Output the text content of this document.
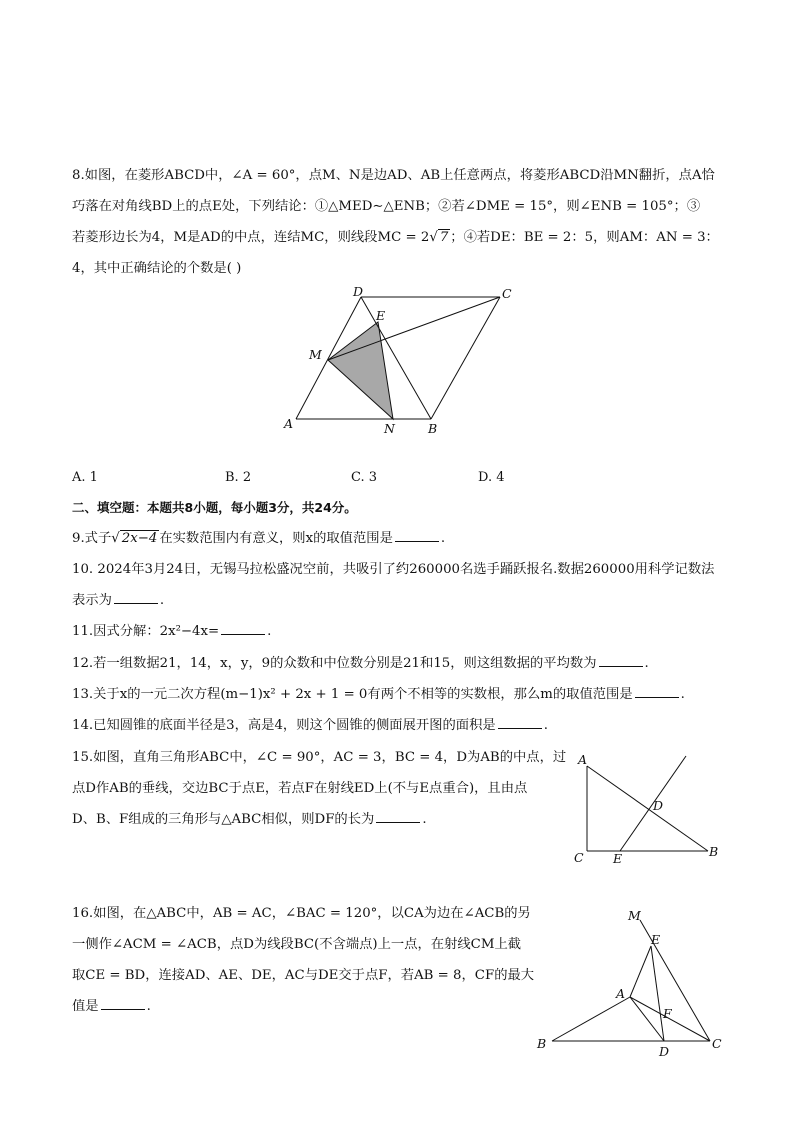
8.如图，在菱形ABCD中，∠A = 60°，点M、N是边AD、AB上任意两点，将菱形ABCD沿MN翻折，点A恰
巧落在对角线BD上的点E处，下列结论：①△MED∼△ENB；②若∠DME = 15°，则∠ENB = 105°；③
若菱形边长为4，M是AD的中点，连结MC，则线段MC = 2√ 7 ；④若DE：BE = 2：5，则AM：AN = 3：
4，其中正确结论的个数是( )
D	C
E
M
A	N	B
A. 1	B. 2	C. 3	D. 4
二、填空题：本题共8小题，每小题3分，共24分。
9.式子√ 2x−4 在实数范围内有意义，则x的取值范围是	.
10. 2024年3月24日，无锡马拉松盛况空前，共吸引了约260000名选手踊跃报名.数据260000用科学记数法
表示为	.
11.因式分解：2x²−4x=	.
12.若一组数据21，14，x，y，9的众数和中位数分别是21和15，则这组数据的平均数为	.
13.关于x的一元二次方程(m−1)x² + 2x + 1 = 0有两个不相等的实数根，那么m的取值范围是	.
14.已知圆锥的底面半径是3，高是4，则这个圆锥的侧面展开图的面积是	.
15.如图，直角三角形ABC中，∠C = 90°，AC = 3，BC = 4，D为AB的中点，过
点D作AB的垂线，交边BC于点E，若点F在射线ED上(不与E点重合)，且由点
D、B、F组成的三角形与△ABC相似，则DF的长为	.
A
D
C E	B
16.如图，在△ABC中，AB = AC，∠BAC = 120°，以CA为边在∠ACB的另
一侧作∠ACM = ∠ACB，点D为线段BC(不含端点)上一点，在射线CM上截
取CE = BD，连接AD、AE、DE，AC与DE交于点F，若AB = 8，CF的最大
值是	.
M
E
A
F
B
D
C
